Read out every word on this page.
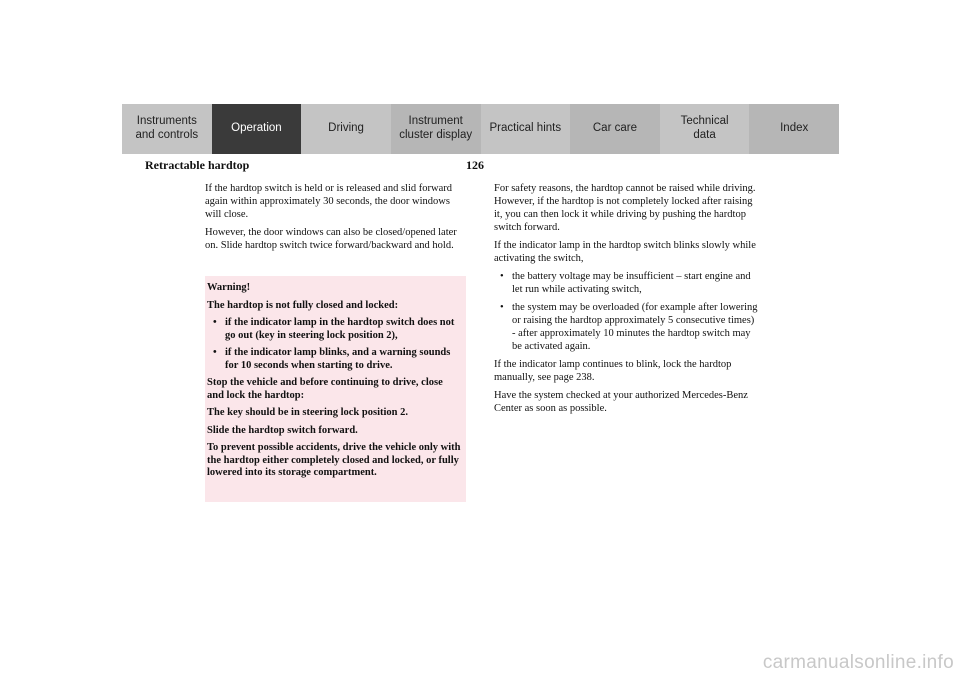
Instruments
and controls
Operation	Driving
Instrument
cluster display
Practical hints	Car care
Technical
data
Index
Retractable hardtop	126

If the hardtop switch is held or is released and slid forward again within approximately 30 seconds, the door windows will close.

However, the door windows can also be closed/opened later on. Slide hardtop switch twice forward/backward and hold.

Warning!

The hardtop is not fully closed and locked:

• if the indicator lamp in the hardtop switch does not go out (key in steering lock position 2),
• if the indicator lamp blinks, and a warning sounds for 10 seconds when starting to drive.

Stop the vehicle and before continuing to drive, close and lock the hardtop:

The key should be in steering lock position 2.

Slide the hardtop switch forward.

To prevent possible accidents, drive the vehicle only with the hardtop either completely closed and locked, or fully lowered into its storage compartment.

For safety reasons, the hardtop cannot be raised while driving. However, if the hardtop is not completely locked after raising it, you can then lock it while driving by pushing the hardtop switch forward.

If the indicator lamp in the hardtop switch blinks slowly while activating the switch,

• the battery voltage may be insufficient – start engine and let run while activating switch,
• the system may be overloaded (for example after lowering or raising the hardtop approximately 5 consecutive times) - after approximately 10 minutes the hardtop switch may be activated again.

If the indicator lamp continues to blink, lock the hardtop manually, see page 238.

Have the system checked at your authorized Mercedes-Benz Center as soon as possible.

carmanualsonline.info
